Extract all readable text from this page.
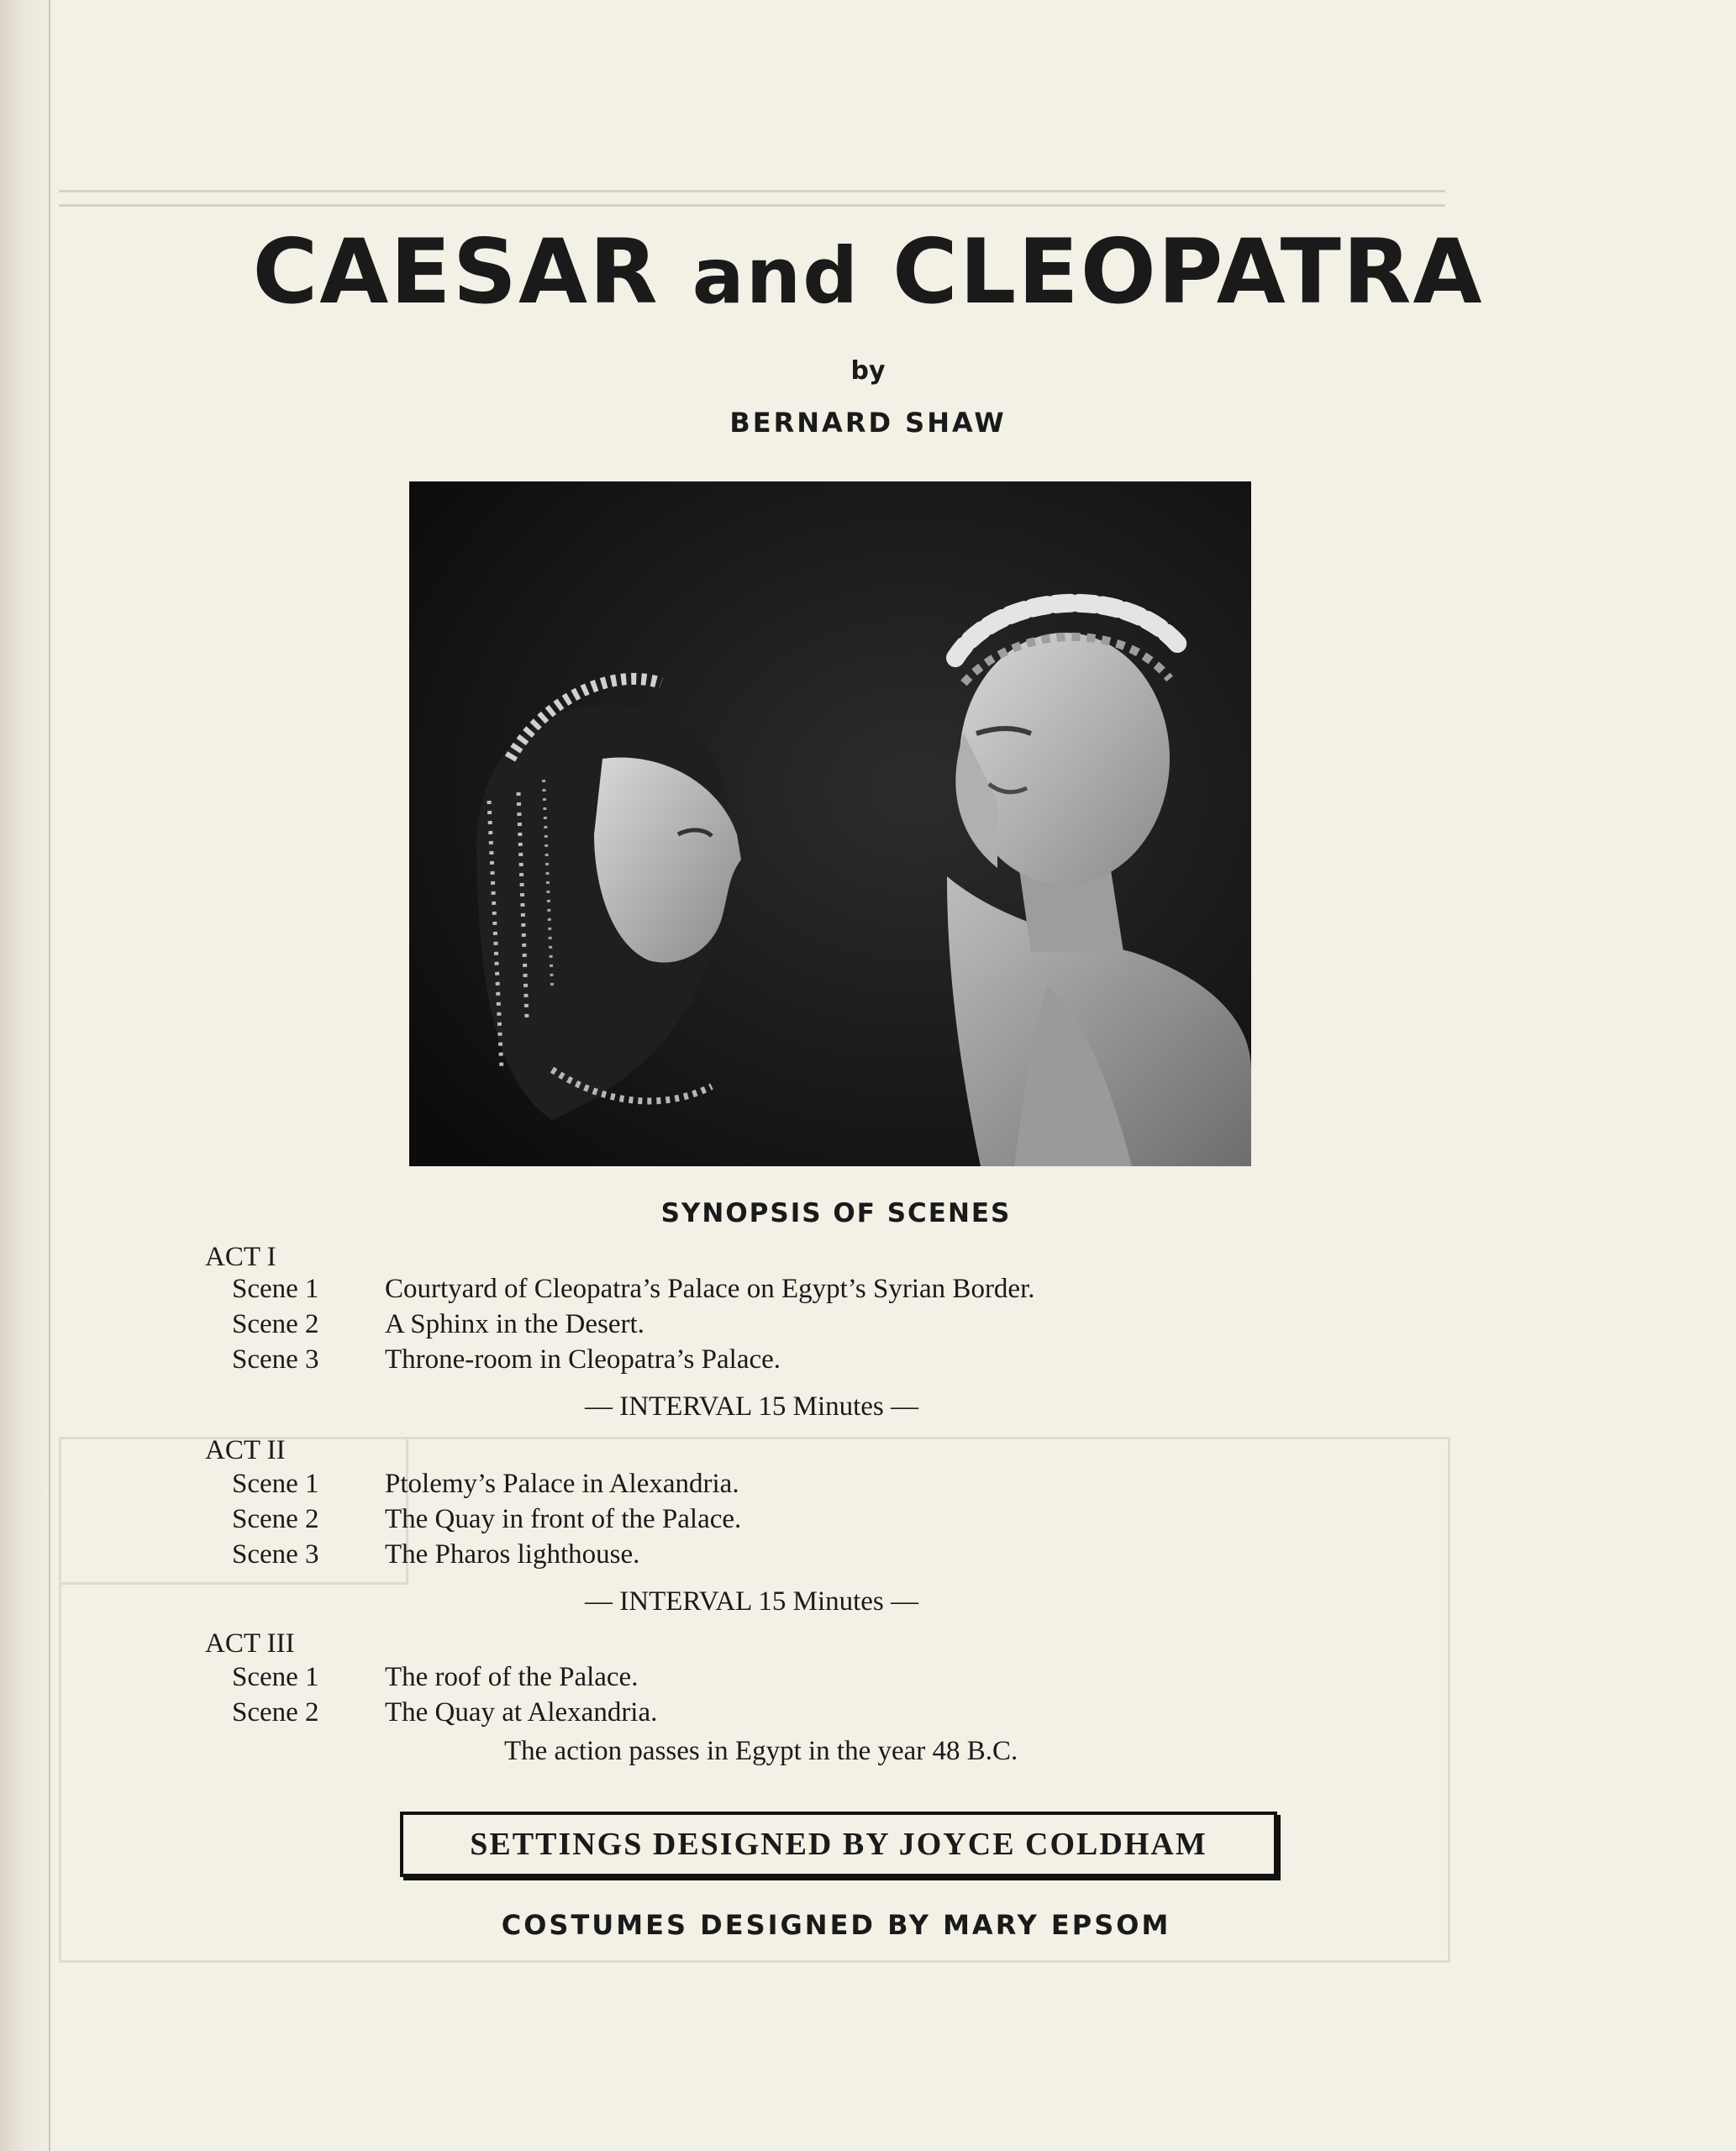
CAESAR and CLEOPATRA
by
BERNARD SHAW
SYNOPSIS OF SCENES
ACT I
Scene 1 Courtyard of Cleopatra’s Palace on Egypt’s Syrian Border.
Scene 2 A Sphinx in the Desert.
Scene 3 Throne-room in Cleopatra’s Palace.
— INTERVAL 15 Minutes —
ACT II
Scene 1 Ptolemy’s Palace in Alexandria.
Scene 2 The Quay in front of the Palace.
Scene 3 The Pharos lighthouse.
— INTERVAL 15 Minutes —
ACT III
Scene 1 The roof of the Palace.
Scene 2 The Quay at Alexandria.
The action passes in Egypt in the year 48 B.C.
SETTINGS DESIGNED BY JOYCE COLDHAM
COSTUMES DESIGNED BY MARY EPSOM
